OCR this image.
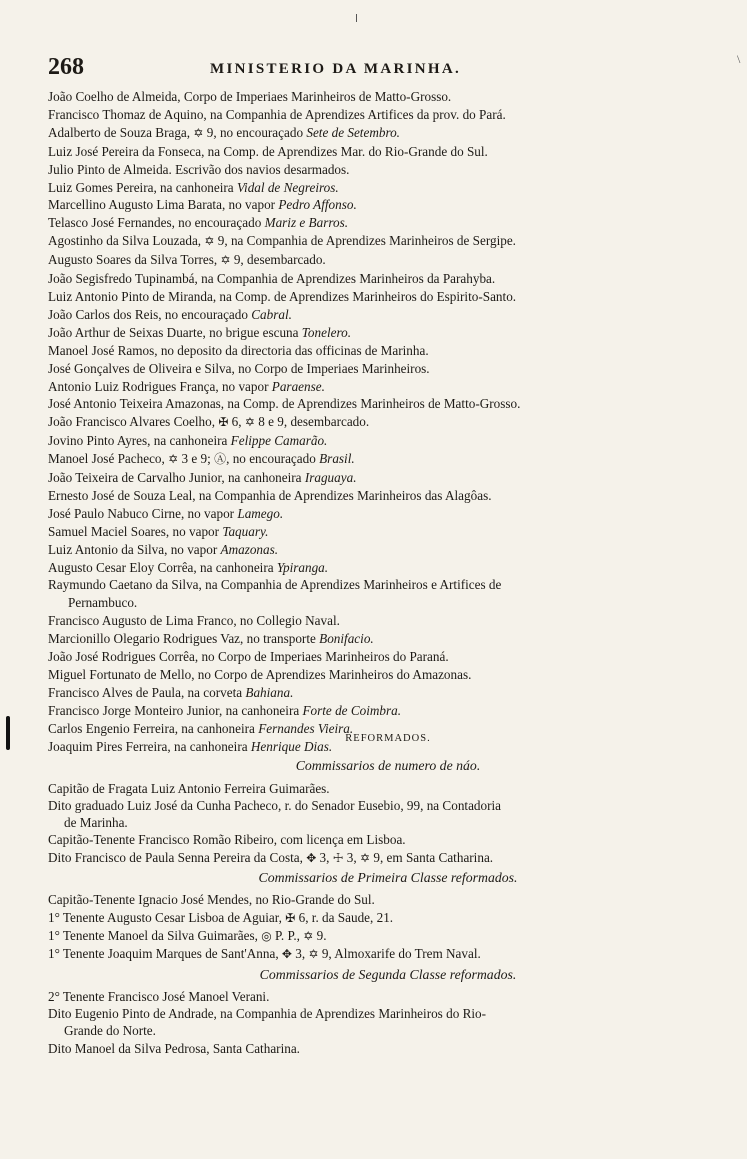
\
268	MINISTERIO DA MARINHA.
João Coelho de Almeida, Corpo de Imperiaes Marinheiros de Matto-Grosso.
Francisco Thomaz de Aquino, na Companhia de Aprendizes Artifices da prov. do Pará.
Adalberto de Souza Braga, ✡ 9, no encouraçado Sete de Setembro.
Luiz José Pereira da Fonseca, na Comp. de Aprendizes Mar. do Rio-Grande do Sul.
Julio Pinto de Almeida. Escrivão dos navios desarmados.
Luiz Gomes Pereira, na canhoneira Vidal de Negreiros.
Marcellino Augusto Lima Barata, no vapor Pedro Affonso.
Telasco José Fernandes, no encouraçado Mariz e Barros.
Agostinho da Silva Louzada, ✡ 9, na Companhia de Aprendizes Marinheiros de Sergipe.
Augusto Soares da Silva Torres, ✡ 9, desembarcado.
João Segisfredo Tupinambá, na Companhia de Aprendizes Marinheiros da Parahyba.
Luiz Antonio Pinto de Miranda, na Comp. de Aprendizes Marinheiros do Espirito-Santo.
João Carlos dos Reis, no encouraçado Cabral.
João Arthur de Seixas Duarte, no brigue escuna Tonelero.
Manoel José Ramos, no deposito da directoria das officinas de Marinha.
José Gonçalves de Oliveira e Silva, no Corpo de Imperiaes Marinheiros.
Antonio Luiz Rodrigues França, no vapor Paraense.
José Antonio Teixeira Amazonas, na Comp. de Aprendizes Marinheiros de Matto-Grosso.
João Francisco Alvares Coelho, ✠ 6, ✡ 8 e 9, desembarcado.
Jovino Pinto Ayres, na canhoneira Felippe Camarão.
Manoel José Pacheco, ✡ 3 e 9; Ⓐ, no encouraçado Brasil.
João Teixeira de Carvalho Junior, na canhoneira Iraguaya.
Ernesto José de Souza Leal, na Companhia de Aprendizes Marinheiros das Alagôas.
José Paulo Nabuco Cirne, no vapor Lamego.
Samuel Maciel Soares, no vapor Taquary.
Luiz Antonio da Silva, no vapor Amazonas.
Augusto Cesar Eloy Corrêa, na canhoneira Ypiranga.
Raymundo Caetano da Silva, na Companhia de Aprendizes Marinheiros e Artifices de
Pernambuco.
Francisco Augusto de Lima Franco, no Collegio Naval.
Marcionillo Olegario Rodrigues Vaz, no transporte Bonifacio.
João José Rodrigues Corrêa, no Corpo de Imperiaes Marinheiros do Paraná.
Miguel Fortunato de Mello, no Corpo de Aprendizes Marinheiros do Amazonas.
Francisco Alves de Paula, na corveta Bahiana.
Francisco Jorge Monteiro Junior, na canhoneira Forte de Coimbra.
Carlos Engenio Ferreira, na canhoneira Fernandes Vieira.
Joaquim Pires Ferreira, na canhoneira Henrique Dias.
REFORMADOS.
Commissarios de numero de náo.
Capitão de Fragata Luiz Antonio Ferreira Guimarães.
Dito graduado Luiz José da Cunha Pacheco, r. do Senador Eusebio, 99, na Contadoria
de Marinha.
Capitão-Tenente Francisco Romão Ribeiro, com licença em Lisboa.
Dito Francisco de Paula Senna Pereira da Costa, ✥ 3, ☩ 3, ✡ 9, em Santa Catharina.
Commissarios de Primeira Classe reformados.
Capitão-Tenente Ignacio José Mendes, no Rio-Grande do Sul.
1° Tenente Augusto Cesar Lisboa de Aguiar, ✠ 6, r. da Saude, 21.
1° Tenente Manoel da Silva Guimarães, ◎ P. P., ✡ 9.
1° Tenente Joaquim Marques de Sant'Anna, ✥ 3, ✡ 9, Almoxarife do Trem Naval.
Commissarios de Segunda Classe reformados.
2° Tenente Francisco José Manoel Verani.
Dito Eugenio Pinto de Andrade, na Companhia de Aprendizes Marinheiros do Rio-
Grande do Norte.
Dito Manoel da Silva Pedrosa, Santa Catharina.
